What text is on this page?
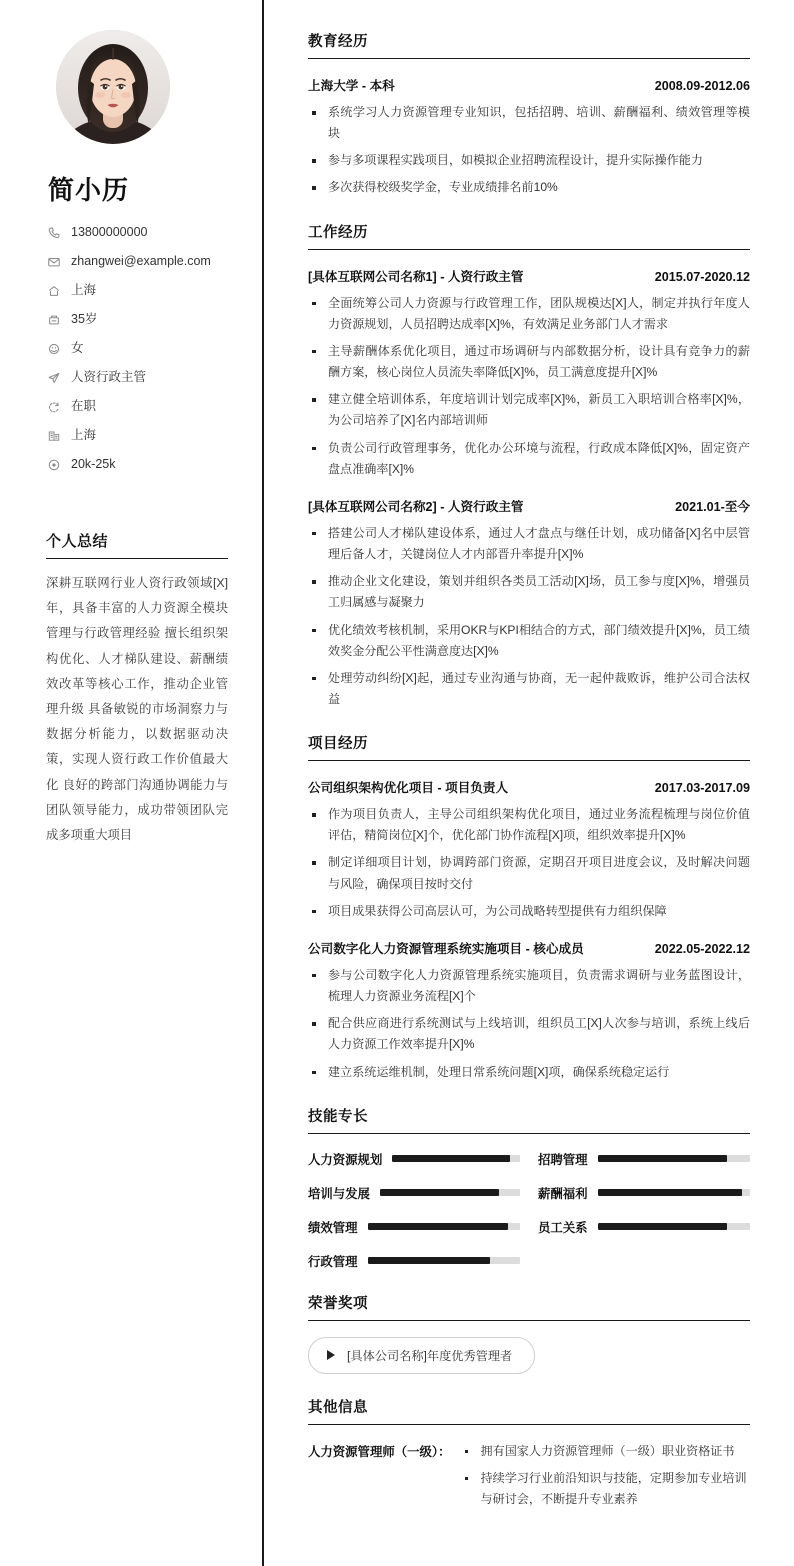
简小历
13800000000
zhangwei@example.com
上海
35岁
女
人资行政主管
在职
上海
20k-25k
个人总结

深耕互联网行业人资行政领域[X]年，具备丰富的人力资源全模块管理与行政管理经验 擅长组织架构优化、人才梯队建设、薪酬绩效改革等核心工作，推动企业管理升级 具备敏锐的市场洞察力与数据分析能力，以数据驱动决策，实现人资行政工作价值最大化 良好的跨部门沟通协调能力与团队领导能力，成功带领团队完成多项重大项目

教育经历
上海大学 - 本科	2008.09-2012.06
系统学习人力资源管理专业知识，包括招聘、培训、薪酬福利、绩效管理等模块
参与多项课程实践项目，如模拟企业招聘流程设计，提升实际操作能力
多次获得校级奖学金，专业成绩排名前10%
工作经历
[具体互联网公司名称1] - 人资行政主管	2015.07-2020.12
全面统筹公司人力资源与行政管理工作，团队规模达[X]人，制定并执行年度人力资源规划，人员招聘达成率[X]%，有效满足业务部门人才需求
主导薪酬体系优化项目，通过市场调研与内部数据分析，设计具有竞争力的薪酬方案，核心岗位人员流失率降低[X]%，员工满意度提升[X]%
建立健全培训体系，年度培训计划完成率[X]%，新员工入职培训合格率[X]%，为公司培养了[X]名内部培训师
负责公司行政管理事务，优化办公环境与流程，行政成本降低[X]%，固定资产盘点准确率[X]%
[具体互联网公司名称2] - 人资行政主管	2021.01-至今
搭建公司人才梯队建设体系，通过人才盘点与继任计划，成功储备[X]名中层管理后备人才，关键岗位人才内部晋升率提升[X]%
推动企业文化建设，策划并组织各类员工活动[X]场，员工参与度[X]%，增强员工归属感与凝聚力
优化绩效考核机制，采用OKR与KPI相结合的方式，部门绩效提升[X]%，员工绩效奖金分配公平性满意度达[X]%
处理劳动纠纷[X]起，通过专业沟通与协商，无一起仲裁败诉，维护公司合法权益
项目经历
公司组织架构优化项目 - 项目负责人	2017.03-2017.09
作为项目负责人，主导公司组织架构优化项目，通过业务流程梳理与岗位价值评估，精简岗位[X]个，优化部门协作流程[X]项，组织效率提升[X]%
制定详细项目计划，协调跨部门资源，定期召开项目进度会议，及时解决问题与风险，确保项目按时交付
项目成果获得公司高层认可，为公司战略转型提供有力组织保障
公司数字化人力资源管理系统实施项目 - 核心成员	2022.05-2022.12
参与公司数字化人力资源管理系统实施项目，负责需求调研与业务蓝图设计，梳理人力资源业务流程[X]个
配合供应商进行系统测试与上线培训，组织员工[X]人次参与培训，系统上线后人力资源工作效率提升[X]%
建立系统运维机制，处理日常系统问题[X]项，确保系统稳定运行
技能专长
人力资源规划	招聘管理
培训与发展	薪酬福利
绩效管理	员工关系
行政管理
荣誉奖项
[具体公司名称]年度优秀管理者
其他信息
人力资源管理师（一级）：	拥有国家人力资源管理师（一级）职业资格证书
持续学习行业前沿知识与技能，定期参加专业培训与研讨会，不断提升专业素养
